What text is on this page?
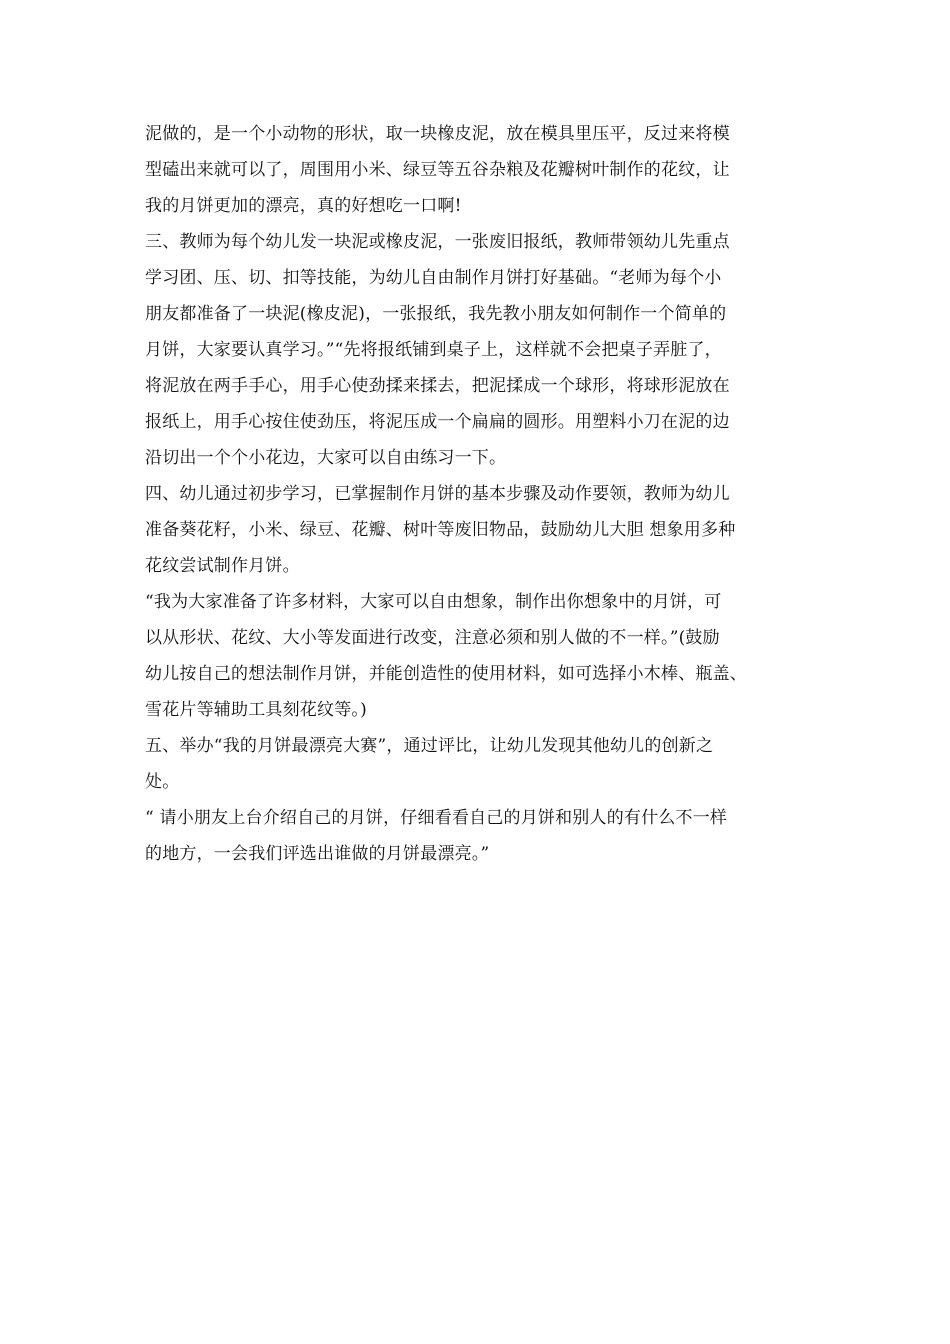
泥做的，是一个小动物的形状，取一块橡皮泥，放在模具里压平，反过来将模
型磕出来就可以了，周围用小米、绿豆等五谷杂粮及花瓣树叶制作的花纹，让
我的月饼更加的漂亮，真的好想吃一口啊!
三、教师为每个幼儿发一块泥或橡皮泥，一张废旧报纸，教师带领幼儿先重点
学习团、压、切、扣等技能，为幼儿自由制作月饼打好基础。“老师为每个小
朋友都准备了一块泥(橡皮泥)，一张报纸，我先教小朋友如何制作一个简单的
月饼，大家要认真学习。”“先将报纸铺到桌子上，这样就不会把桌子弄脏了，
将泥放在两手手心，用手心使劲揉来揉去，把泥揉成一个球形，将球形泥放在
报纸上，用手心按住使劲压，将泥压成一个扁扁的圆形。用塑料小刀在泥的边
沿切出一个个小花边，大家可以自由练习一下。
四、幼儿通过初步学习，已掌握制作月饼的基本步骤及动作要领，教师为幼儿
准备葵花籽，小米、绿豆、花瓣、树叶等废旧物品，鼓励幼儿大胆 想象用多种
花纹尝试制作月饼。
“我为大家准备了许多材料，大家可以自由想象，制作出你想象中的月饼，可
以从形状、花纹、大小等发面进行改变，注意必须和别人做的不一样。”(鼓励
幼儿按自己的想法制作月饼，并能创造性的使用材料，如可选择小木棒、瓶盖、
雪花片等辅助工具刻花纹等。)
五、举办“我的月饼最漂亮大赛”，通过评比，让幼儿发现其他幼儿的创新之
处。
“ 请小朋友上台介绍自己的月饼，仔细看看自己的月饼和别人的有什么不一样
的地方，一会我们评选出谁做的月饼最漂亮。”
